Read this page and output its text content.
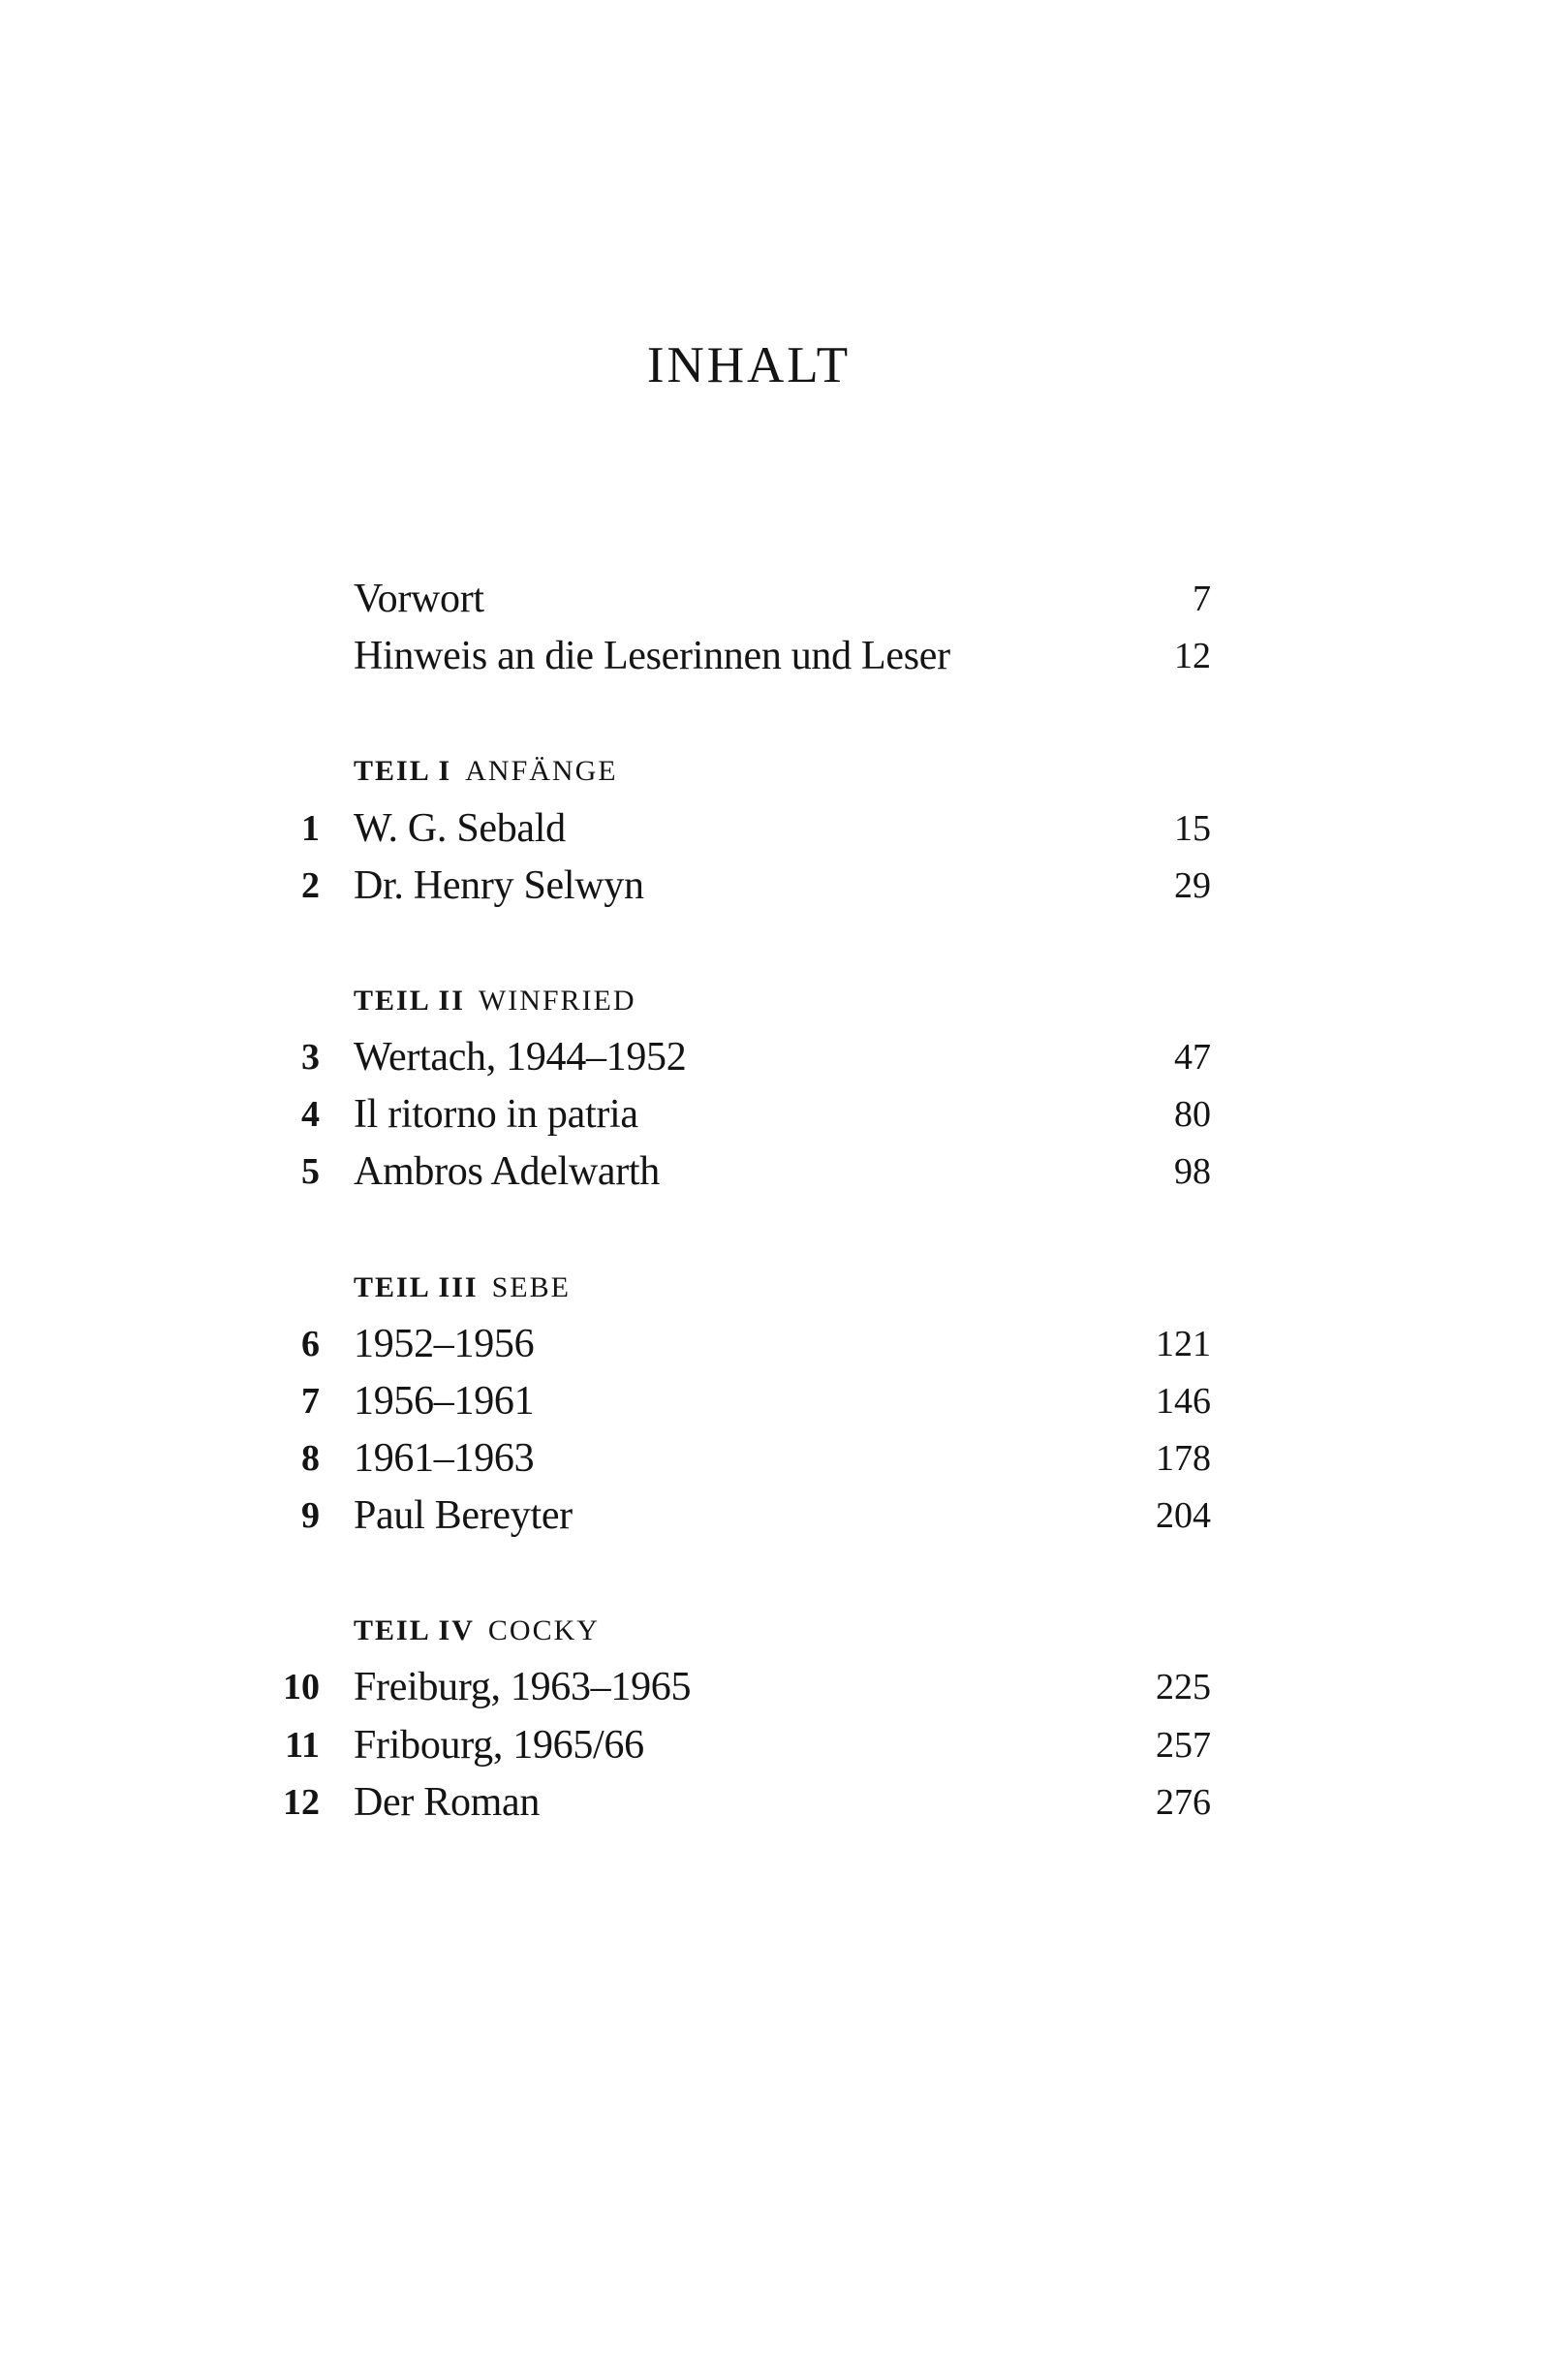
INHALT
Vorwort	7
Hinweis an die Leserinnen und Leser	12
TEIL I ANFÄNGE
1 W. G. Sebald	15
2 Dr. Henry Selwyn	29
TEIL II WINFRIED
3 Wertach, 1944–1952	47
4 Il ritorno in patria	80
5 Ambros Adelwarth	98
TEIL III SEBE
6 1952–1956	121
7 1956–1961	146
8 1961–1963	178
9 Paul Bereyter	204
TEIL IV COCKY
10 Freiburg, 1963–1965	225
11 Fribourg, 1965/66	257
12 Der Roman	276
